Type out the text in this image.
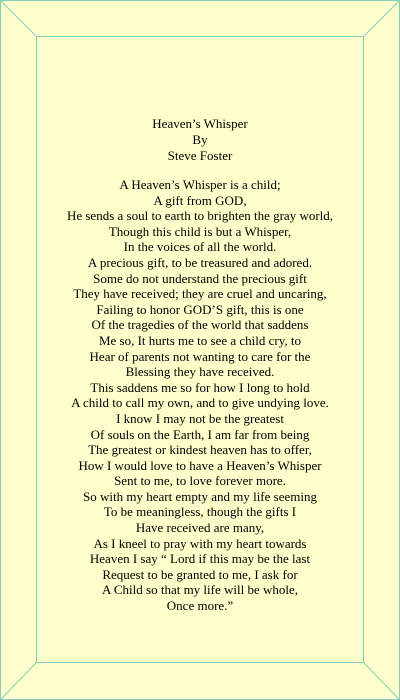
Heaven’s Whisper
By
Steve Foster
A Heaven’s Whisper is a child;
A gift from GOD,
He sends a soul to earth to brighten the gray world,
Though this child is but a Whisper,
In the voices of all the world.
A precious gift, to be treasured and adored.
Some do not understand the precious gift
They have received; they are cruel and uncaring,
Failing to honor GOD’S gift, this is one
Of the tragedies of the world that saddens
Me so, It hurts me to see a child cry, to
Hear of parents not wanting to care for the
Blessing they have received.
This saddens me so for how I long to hold
A child to call my own, and to give undying love.
I know I may not be the greatest
Of souls on the Earth, I am far from being
The greatest or kindest heaven has to offer,
How I would love to have a Heaven’s Whisper
Sent to me, to love forever more.
So with my heart empty and my life seeming
To be meaningless, though the gifts I
Have received are many,
As I kneel to pray with my heart towards
Heaven I say “ Lord if this may be the last
Request to be granted to me, I ask for
A Child so that my life will be whole,
Once more.”
